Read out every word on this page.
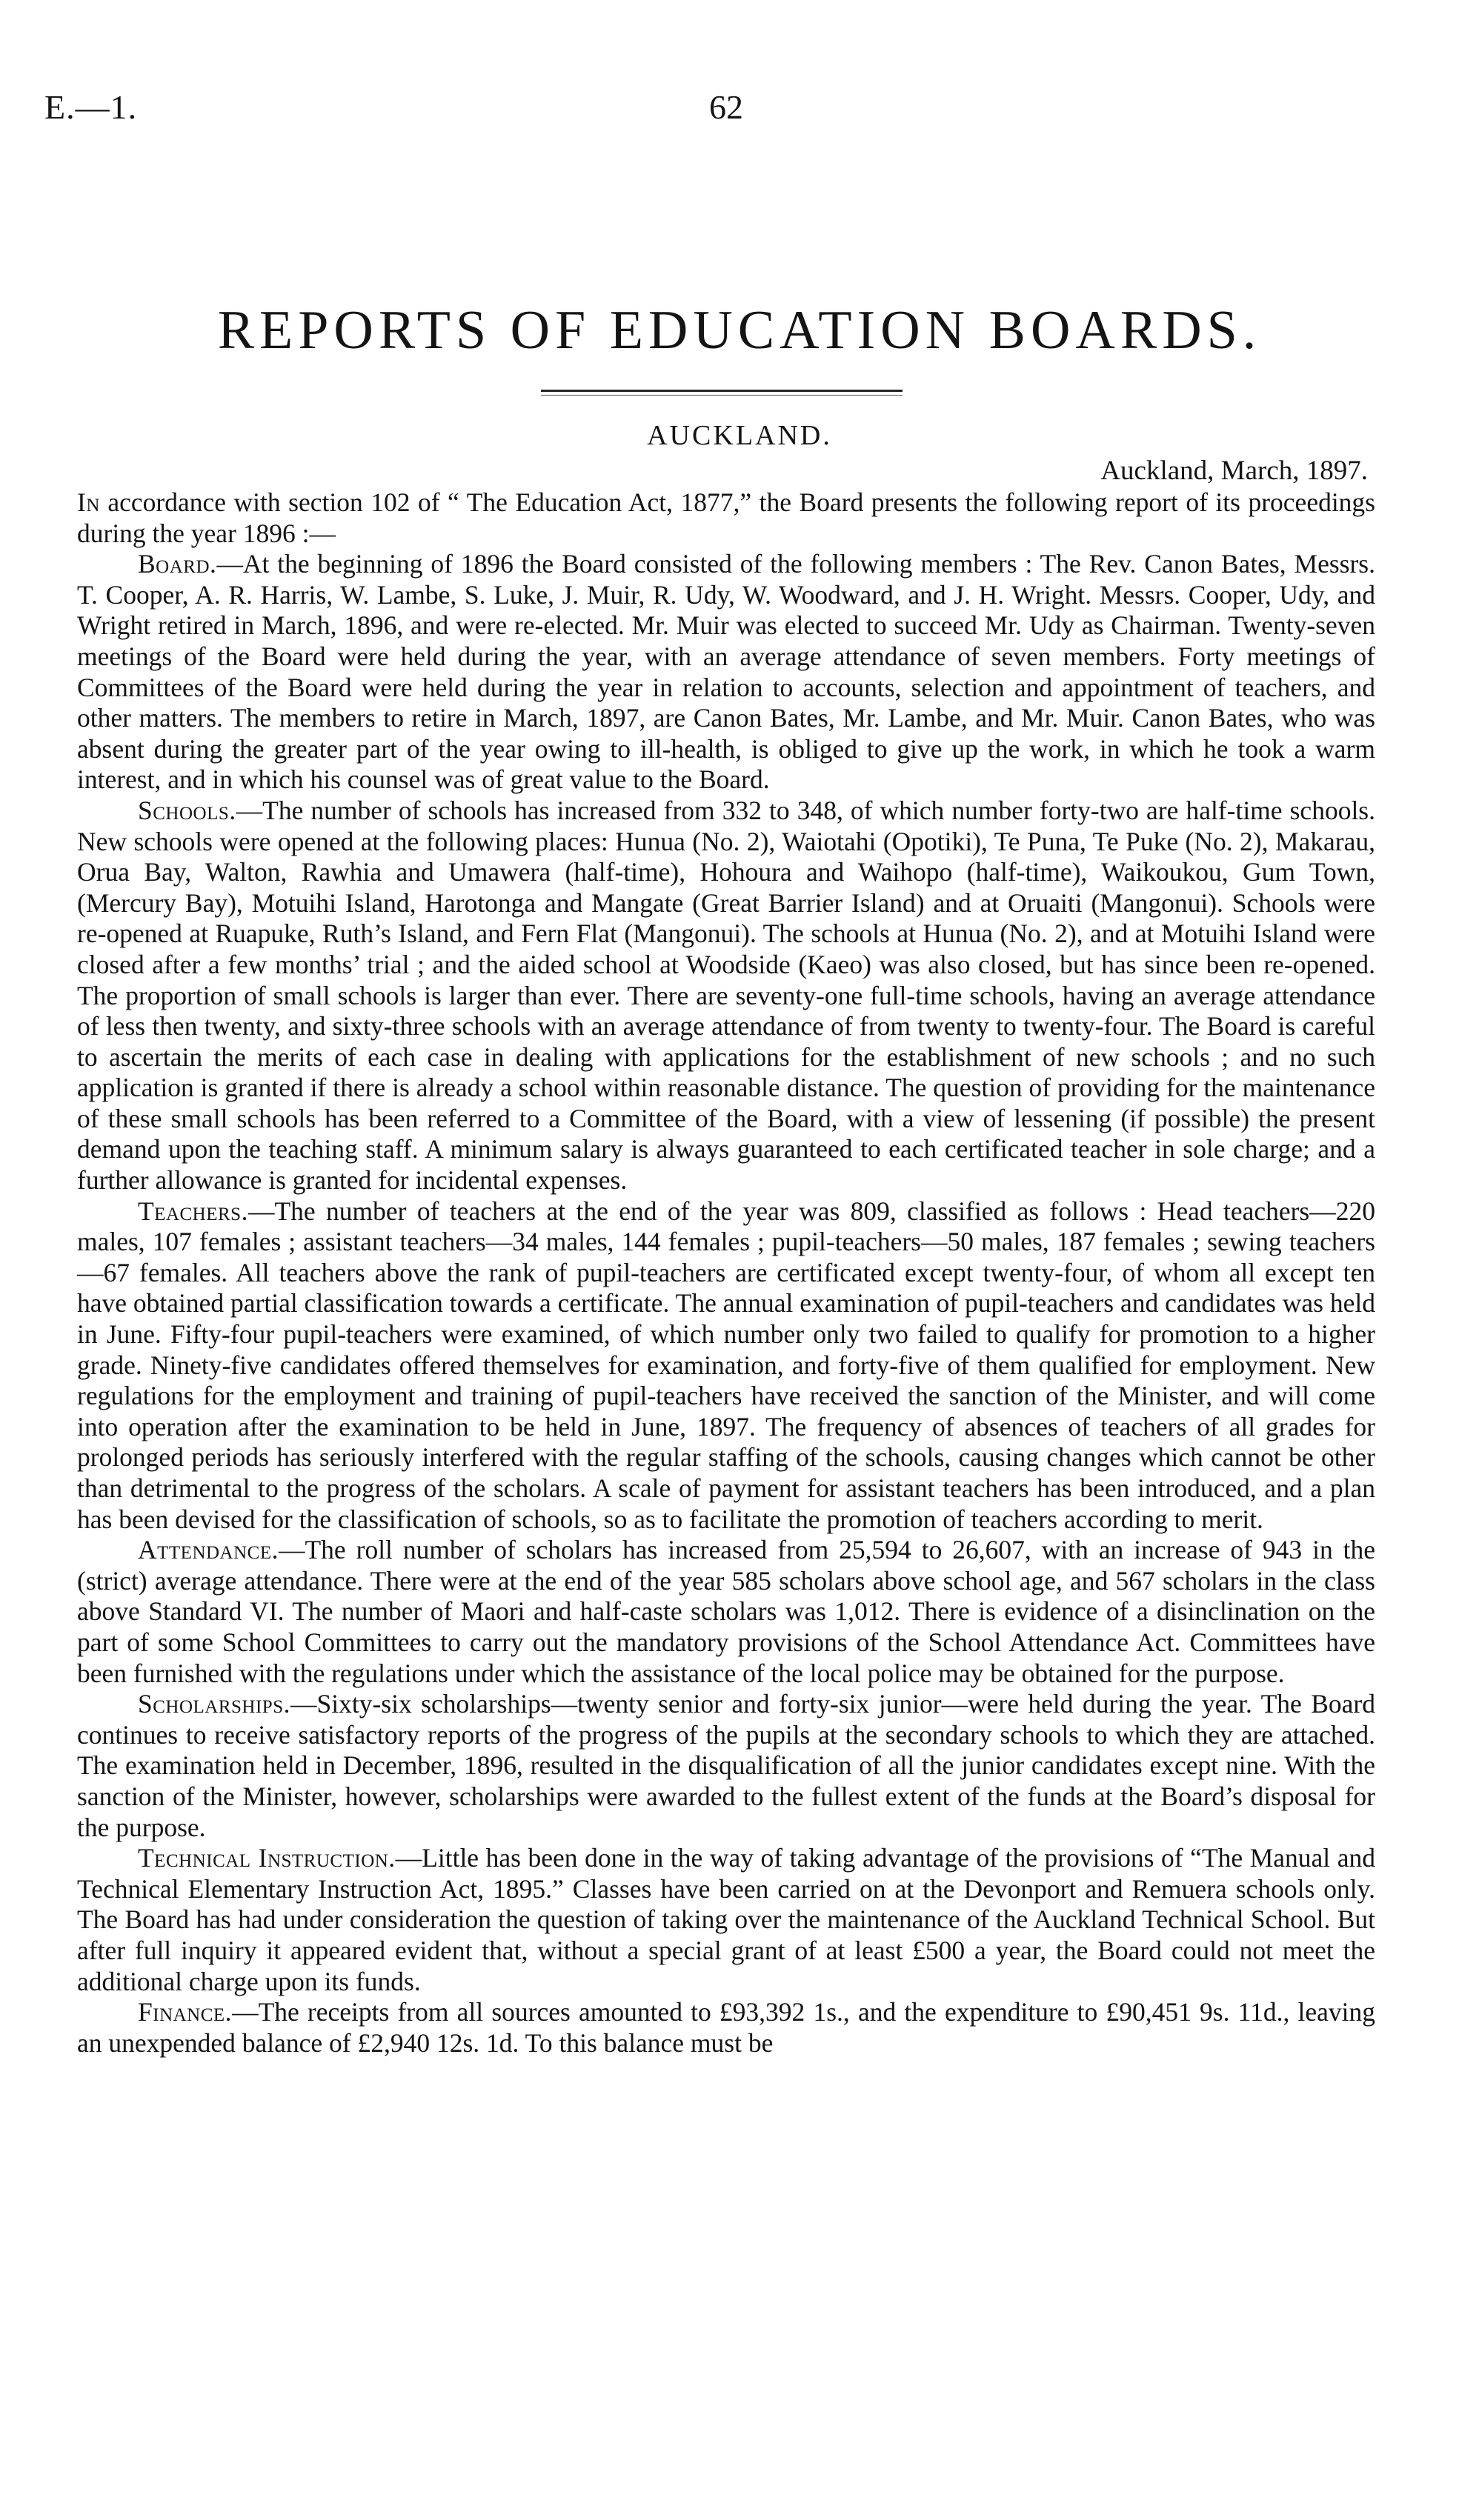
E.—1.	62
REPORTS OF EDUCATION BOARDS.
AUCKLAND.
Auckland, March, 1897.

In accordance with section 102 of “ The Education Act, 1877,” the Board presents the following report of its proceedings during the year 1896 :—

Board.—At the beginning of 1896 the Board consisted of the following members : The Rev. Canon Bates, Messrs. T. Cooper, A. R. Harris, W. Lambe, S. Luke, J. Muir, R. Udy, W. Woodward, and J. H. Wright. Messrs. Cooper, Udy, and Wright retired in March, 1896, and were re-elected. Mr. Muir was elected to succeed Mr. Udy as Chairman. Twenty-seven meetings of the Board were held during the year, with an average attendance of seven members. Forty meetings of Committees of the Board were held during the year in relation to accounts, selection and appointment of teachers, and other matters. The members to retire in March, 1897, are Canon Bates, Mr. Lambe, and Mr. Muir. Canon Bates, who was absent during the greater part of the year owing to ill-health, is obliged to give up the work, in which he took a warm interest, and in which his counsel was of great value to the Board.

Schools.—The number of schools has increased from 332 to 348, of which number forty-two are half-time schools. New schools were opened at the following places: Hunua (No. 2), Waiotahi (Opotiki), Te Puna, Te Puke (No. 2), Makarau, Orua Bay, Walton, Rawhia and Umawera (half-time), Hohoura and Waihopo (half-time), Waikoukou, Gum Town, (Mercury Bay), Motuihi Island, Harotonga and Mangate (Great Barrier Island) and at Oruaiti (Mangonui). Schools were re-opened at Ruapuke, Ruth’s Island, and Fern Flat (Mangonui). The schools at Hunua (No. 2), and at Motuihi Island were closed after a few months’ trial ; and the aided school at Woodside (Kaeo) was also closed, but has since been re-opened. The proportion of small schools is larger than ever. There are seventy-one full-time schools, having an average attendance of less then twenty, and sixty-three schools with an average attendance of from twenty to twenty-four. The Board is careful to ascertain the merits of each case in dealing with applications for the establishment of new schools ; and no such application is granted if there is already a school within reasonable distance. The question of providing for the maintenance of these small schools has been referred to a Committee of the Board, with a view of lessening (if possible) the present demand upon the teaching staff. A minimum salary is always guaranteed to each certificated teacher in sole charge; and a further allowance is granted for incidental expenses.

Teachers.—The number of teachers at the end of the year was 809, classified as follows : Head teachers—220 males, 107 females ; assistant teachers—34 males, 144 females ; pupil-teachers—50 males, 187 females ; sewing teachers—67 females. All teachers above the rank of pupil-teachers are certificated except twenty-four, of whom all except ten have obtained partial classification towards a certificate. The annual examination of pupil-teachers and candidates was held in June. Fifty-four pupil-teachers were examined, of which number only two failed to qualify for promotion to a higher grade. Ninety-five candidates offered themselves for examination, and forty-five of them qualified for employment. New regulations for the employment and training of pupil-teachers have received the sanction of the Minister, and will come into operation after the examination to be held in June, 1897. The frequency of absences of teachers of all grades for prolonged periods has seriously interfered with the regular staffing of the schools, causing changes which cannot be other than detrimental to the progress of the scholars. A scale of payment for assistant teachers has been introduced, and a plan has been devised for the classification of schools, so as to facilitate the promotion of teachers according to merit.

Attendance.—The roll number of scholars has increased from 25,594 to 26,607, with an increase of 943 in the (strict) average attendance. There were at the end of the year 585 scholars above school age, and 567 scholars in the class above Standard VI. The number of Maori and half-caste scholars was 1,012. There is evidence of a disinclination on the part of some School Committees to carry out the mandatory provisions of the School Attendance Act. Committees have been furnished with the regulations under which the assistance of the local police may be obtained for the purpose.

Scholarships.—Sixty-six scholarships—twenty senior and forty-six junior—were held during the year. The Board continues to receive satisfactory reports of the progress of the pupils at the secondary schools to which they are attached. The examination held in December, 1896, resulted in the disqualification of all the junior candidates except nine. With the sanction of the Minister, however, scholarships were awarded to the fullest extent of the funds at the Board’s disposal for the purpose.

Technical Instruction.—Little has been done in the way of taking advantage of the provisions of “The Manual and Technical Elementary Instruction Act, 1895.” Classes have been carried on at the Devonport and Remuera schools only. The Board has had under consideration the question of taking over the maintenance of the Auckland Technical School. But after full inquiry it appeared evident that, without a special grant of at least £500 a year, the Board could not meet the additional charge upon its funds.

Finance.—The receipts from all sources amounted to £93,392 1s., and the expenditure to £90,451 9s. 11d., leaving an unexpended balance of £2,940 12s. 1d. To this balance must be
